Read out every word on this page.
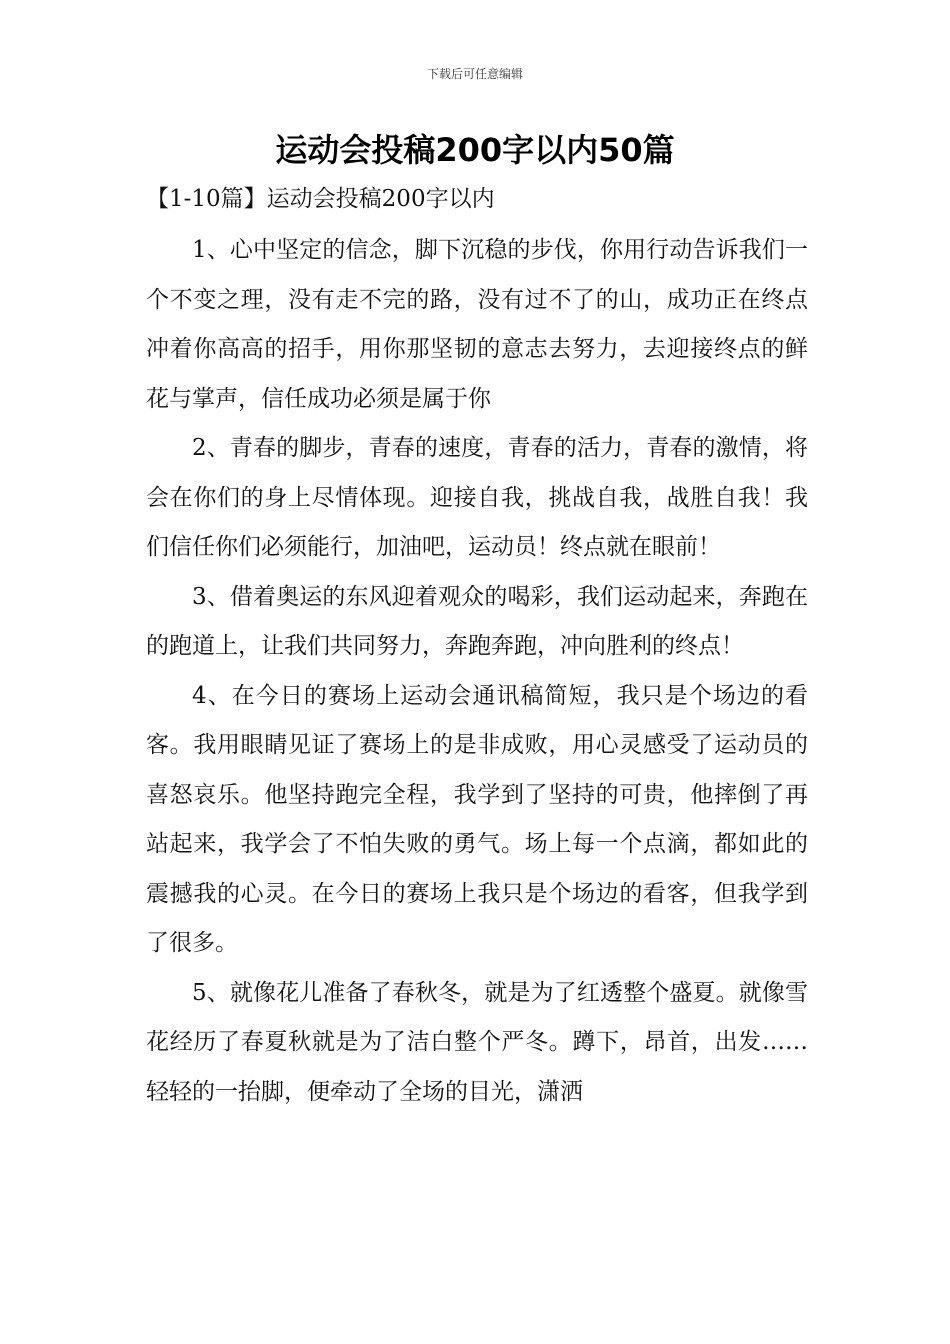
下载后可任意编辑
运动会投稿200字以内50篇
【1-10篇】运动会投稿200字以内

1、心中坚定的信念，脚下沉稳的步伐，你用行动告诉我们一个不变之理，没有走不完的路，没有过不了的山，成功正在终点冲着你高高的招手，用你那坚韧的意志去努力，去迎接终点的鲜花与掌声，信任成功必须是属于你

2、青春的脚步，青春的速度，青春的活力，青春的激情，将会在你们的身上尽情体现。迎接自我，挑战自我，战胜自我！我们信任你们必须能行，加油吧，运动员！终点就在眼前！

3、借着奥运的东风迎着观众的喝彩，我们运动起来，奔跑在的跑道上，让我们共同努力，奔跑奔跑，冲向胜利的终点！

4、在今日的赛场上运动会通讯稿简短，我只是个场边的看客。我用眼睛见证了赛场上的是非成败，用心灵感受了运动员的喜怒哀乐。他坚持跑完全程，我学到了坚持的可贵，他摔倒了再站起来，我学会了不怕失败的勇气。场上每一个点滴，都如此的震撼我的心灵。在今日的赛场上我只是个场边的看客，但我学到了很多。

5、就像花儿准备了春秋冬，就是为了红透整个盛夏。就像雪花经历了春夏秋就是为了洁白整个严冬。蹲下，昂首，出发……轻轻的一抬脚，便牵动了全场的目光，潇洒
